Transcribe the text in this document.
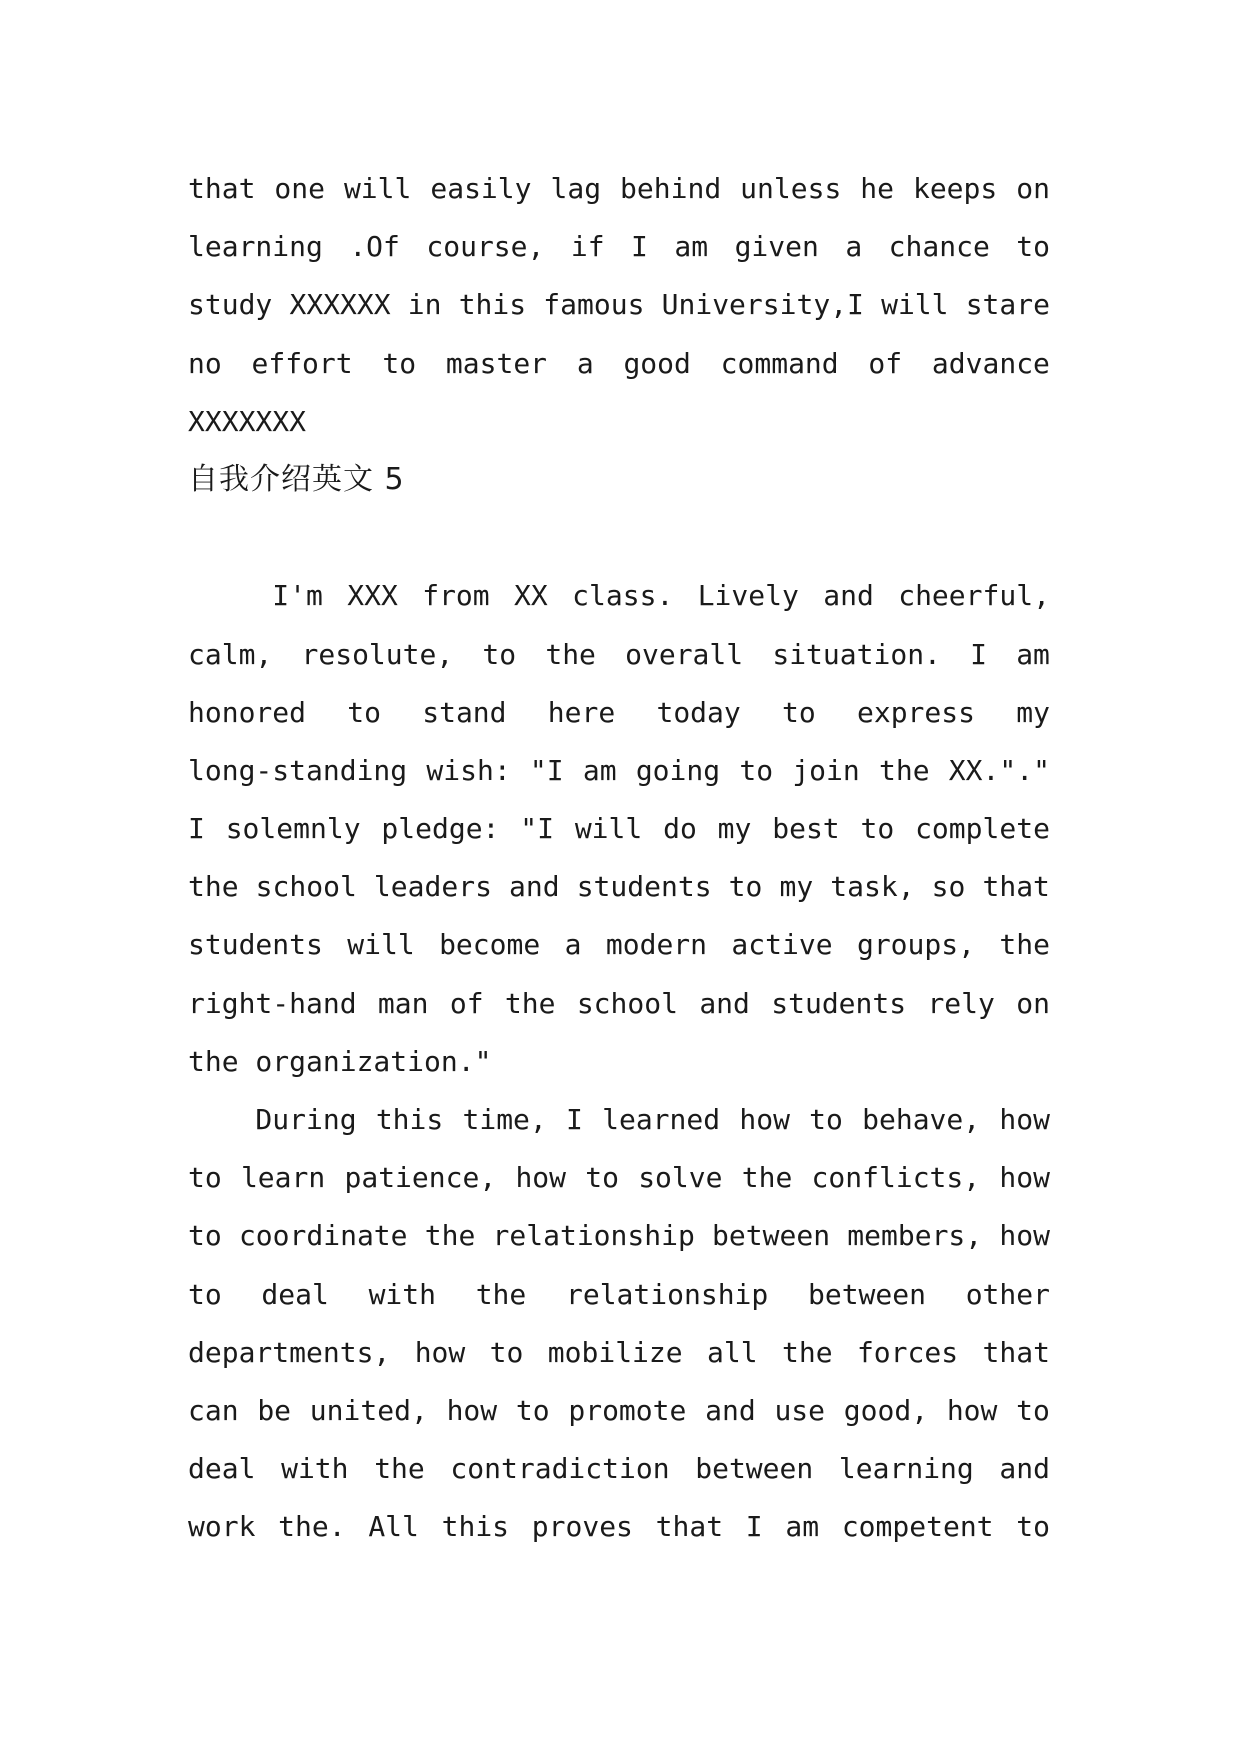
that one will easily lag behind unless he keeps on
learning .Of course, if I am given a chance to
study XXXXXX in this famous University,I will stare
no effort to master a good command of advance
XXXXXXX
自我介绍英文 5

I'm XXX from XX class. Lively and cheerful,
calm, resolute, to the overall situation. I am
honored to stand here today to express my
long-standing wish: "I am going to join the XX."."
I solemnly pledge: "I will do my best to complete
the school leaders and students to my task, so that
students will become a modern active groups, the
right-hand man of the school and students rely on
the organization."
During this time, I learned how to behave, how
to learn patience, how to solve the conflicts, how
to coordinate the relationship between members, how
to deal with the relationship between other
departments, how to mobilize all the forces that
can be united, how to promote and use good, how to
deal with the contradiction between learning and
work the. All this proves that I am competent to
